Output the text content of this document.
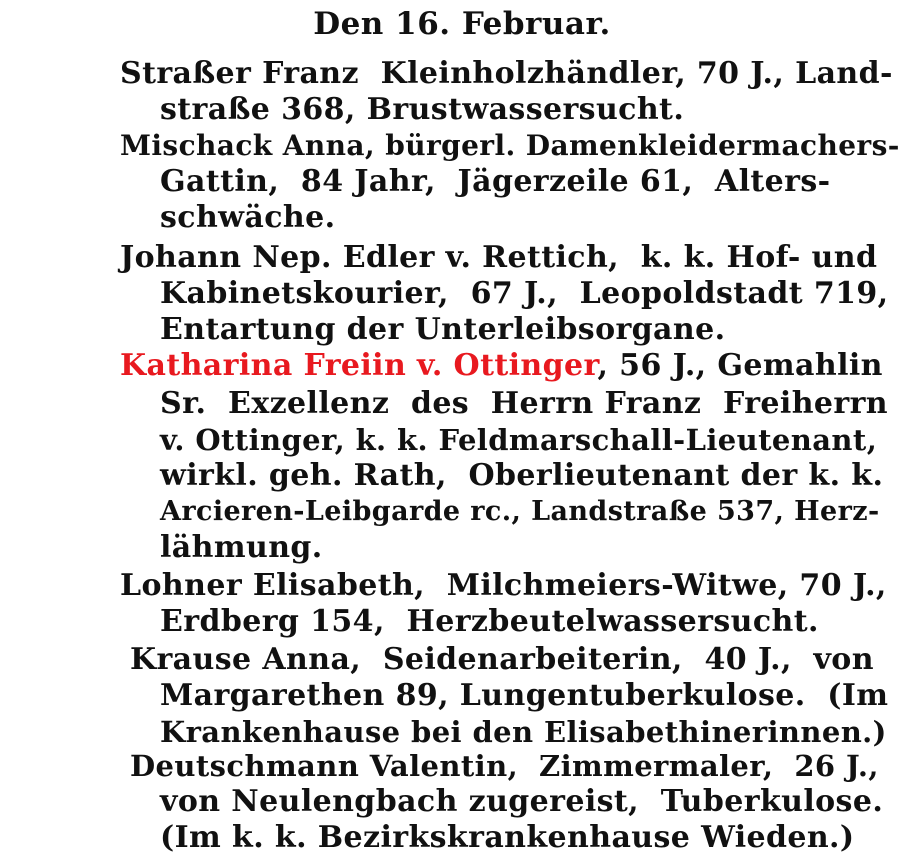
Den 16. Februar.
Straßer Franz  Kleinholzhändler, 70 J., Land-
straße 368, Brustwassersucht.
Mischack Anna, bürgerl. Damenkleidermachers-
Gattin,  84 Jahr,  Jägerzeile 61,  Alters-
schwäche.
Johann Nep. Edler v. Rettich,  k. k. Hof- und
Kabinetskourier,  67 J.,  Leopoldstadt 719,
Entartung der Unterleibsorgane.
Katharina Freiin v. Ottinger, 56 J., Gemahlin
Sr.  Exzellenz  des  Herrn Franz  Freiherrn
v. Ottinger, k. k. Feldmarschall-Lieutenant,
wirkl. geh. Rath,  Oberlieutenant der k. k.
Arcieren-Leibgarde rc., Landstraße 537, Herz-
lähmung.
Lohner Elisabeth,  Milchmeiers-Witwe, 70 J.,
Erdberg 154,  Herzbeutelwassersucht.
Krause Anna,  Seidenarbeiterin,  40 J.,  von
Margarethen 89, Lungentuberkulose.  (Im
Krankenhause bei den Elisabethinerinnen.)
Deutschmann Valentin,  Zimmermaler,  26 J.,
von Neulengbach zugereist,  Tuberkulose.
(Im k. k. Bezirkskrankenhause Wieden.)
